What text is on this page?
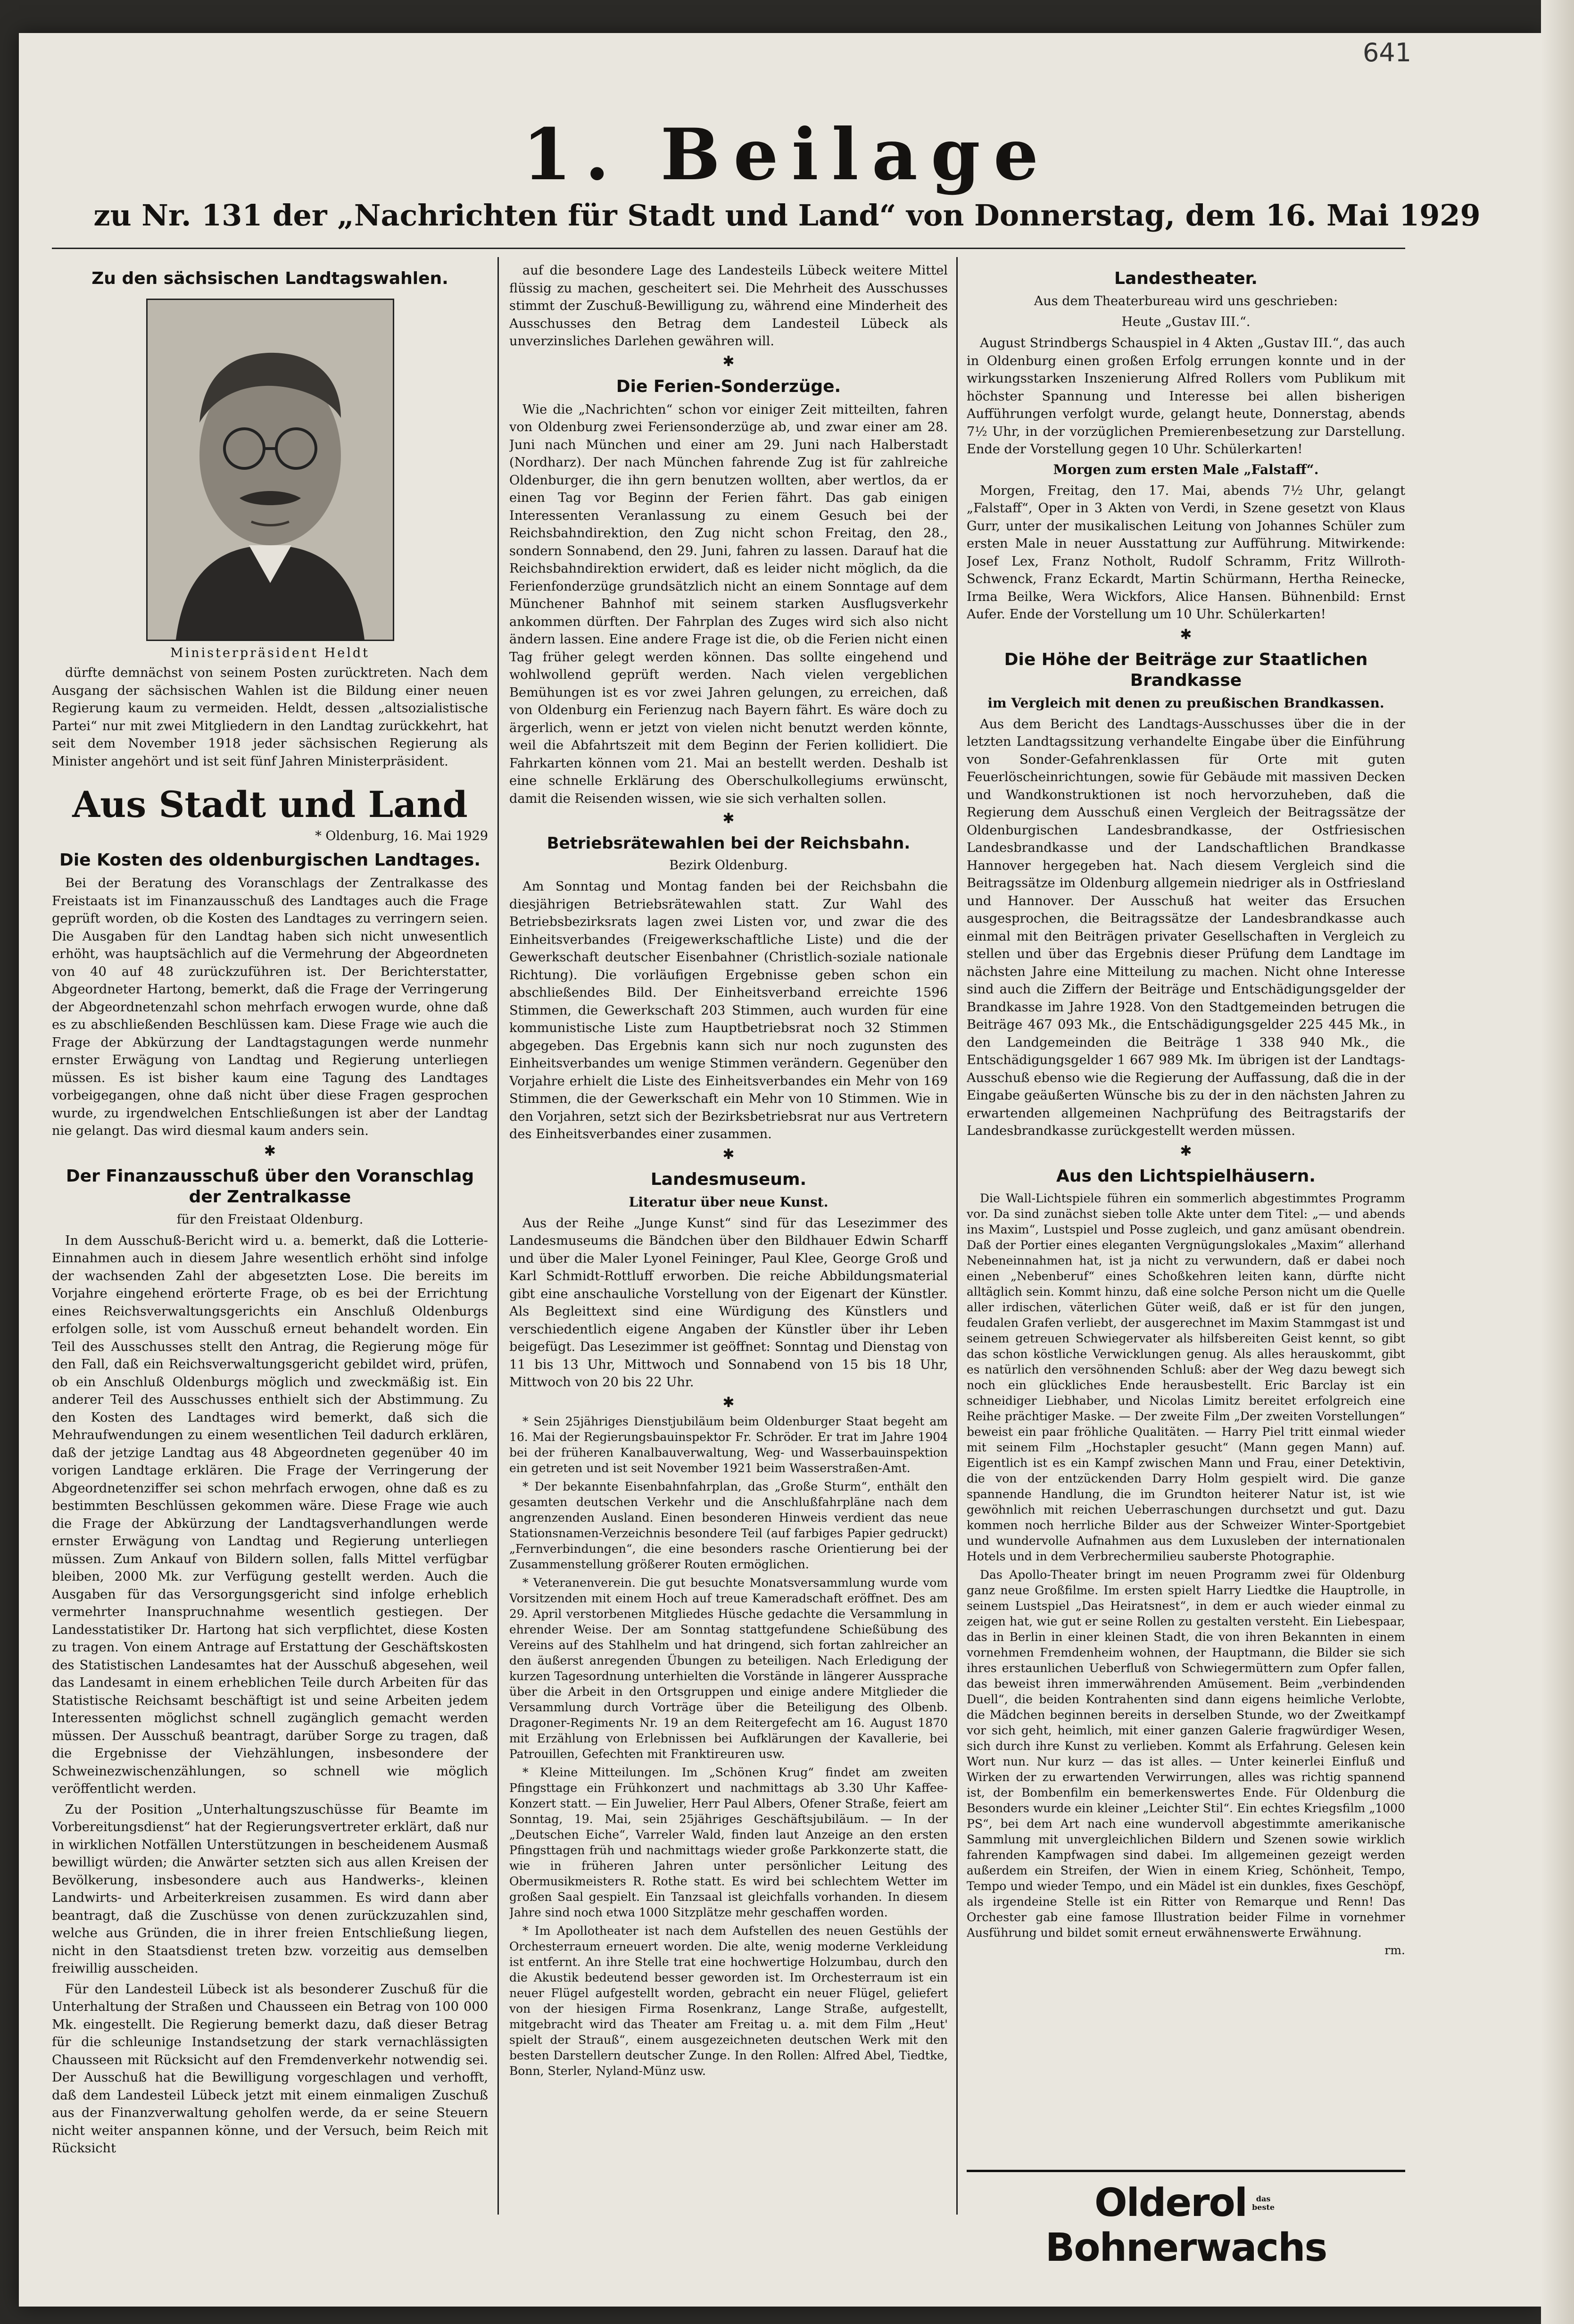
641
1. Beilage
zu Nr. 131 der „Nachrichten für Stadt und Land“ von Donnerstag, dem 16. Mai 1929
Zu den sächsischen Landtagswahlen.
Ministerpräsident Heldt

dürfte demnächst von seinem Posten zurücktreten. Nach dem Ausgang der sächsischen Wahlen ist die Bildung einer neuen Regierung kaum zu vermeiden. Heldt, dessen „altsozialistische Partei“ nur mit zwei Mitgliedern in den Landtag zurückkehrt, hat seit dem November 1918 jeder sächsischen Regierung als Minister angehört und ist seit fünf Jahren Ministerpräsident.

Aus Stadt und Land
* Oldenburg, 16. Mai 1929
Die Kosten des oldenburgischen Landtages.

Bei der Beratung des Voranschlags der Zentralkasse des Freistaats ist im Finanzausschuß des Landtages auch die Frage geprüft worden, ob die Kosten des Landtages zu verringern seien. Die Ausgaben für den Landtag haben sich nicht unwesentlich erhöht, was hauptsächlich auf die Vermehrung der Abgeordneten von 40 auf 48 zurückzuführen ist. Der Berichterstatter, Abgeordneter Hartong, bemerkt, daß die Frage der Verringerung der Abgeordnetenzahl schon mehrfach erwogen wurde, ohne daß es zu abschließenden Beschlüssen kam. Diese Frage wie auch die Frage der Abkürzung der Landtagstagungen werde nunmehr ernster Erwägung von Landtag und Regierung unterliegen müssen. Es ist bisher kaum eine Tagung des Landtages vorbeigegangen, ohne daß nicht über diese Fragen gesprochen wurde, zu irgendwelchen Entschließungen ist aber der Landtag nie gelangt. Das wird diesmal kaum anders sein.

✱
Der Finanzausschuß über den Voranschlag der Zentralkasse
für den Freistaat Oldenburg.

In dem Ausschuß-Bericht wird u. a. bemerkt, daß die Lotterie-Einnahmen auch in diesem Jahre wesentlich erhöht sind infolge der wachsenden Zahl der abgesetzten Lose. Die bereits im Vorjahre eingehend erörterte Frage, ob es bei der Errichtung eines Reichsverwaltungsgerichts ein Anschluß Oldenburgs erfolgen solle, ist vom Ausschuß erneut behandelt worden. Ein Teil des Ausschusses stellt den Antrag, die Regierung möge für den Fall, daß ein Reichsverwaltungsgericht gebildet wird, prüfen, ob ein Anschluß Oldenburgs möglich und zweckmäßig ist. Ein anderer Teil des Ausschusses enthielt sich der Abstimmung. Zu den Kosten des Landtages wird bemerkt, daß sich die Mehraufwendungen zu einem wesentlichen Teil dadurch erklären, daß der jetzige Landtag aus 48 Abgeordneten gegenüber 40 im vorigen Landtage erklären. Die Frage der Verringerung der Abgeordnetenziffer sei schon mehrfach erwogen, ohne daß es zu bestimmten Beschlüssen gekommen wäre. Diese Frage wie auch die Frage der Abkürzung der Landtagsverhandlungen werde ernster Erwägung von Landtag und Regierung unterliegen müssen. Zum Ankauf von Bildern sollen, falls Mittel verfügbar bleiben, 2000 Mk. zur Verfügung gestellt werden. Auch die Ausgaben für das Versorgungsgericht sind infolge erheblich vermehrter Inanspruchnahme wesentlich gestiegen. Der Landesstatistiker Dr. Hartong hat sich verpflichtet, diese Kosten zu tragen. Von einem Antrage auf Erstattung der Geschäftskosten des Statistischen Landesamtes hat der Ausschuß abgesehen, weil das Landesamt in einem erheblichen Teile durch Arbeiten für das Statistische Reichsamt beschäftigt ist und seine Arbeiten jedem Interessenten möglichst schnell zugänglich gemacht werden müssen. Der Ausschuß beantragt, darüber Sorge zu tragen, daß die Ergebnisse der Viehzählungen, insbesondere der Schweinezwischenzählungen, so schnell wie möglich veröffentlicht werden.

Zu der Position „Unterhaltungszuschüsse für Beamte im Vorbereitungsdienst“ hat der Regierungsvertreter erklärt, daß nur in wirklichen Notfällen Unterstützungen in bescheidenem Ausmaß bewilligt würden; die Anwärter setzten sich aus allen Kreisen der Bevölkerung, insbesondere auch aus Handwerks-, kleinen Landwirts- und Arbeiterkreisen zusammen. Es wird dann aber beantragt, daß die Zuschüsse von denen zurückzuzahlen sind, welche aus Gründen, die in ihrer freien Entschließung liegen, nicht in den Staatsdienst treten bzw. vorzeitig aus demselben freiwillig ausscheiden.

Für den Landesteil Lübeck ist als besonderer Zuschuß für die Unterhaltung der Straßen und Chausseen ein Betrag von 100 000 Mk. eingestellt. Die Regierung bemerkt dazu, daß dieser Betrag für die schleunige Instandsetzung der stark vernachlässigten Chausseen mit Rücksicht auf den Fremdenverkehr notwendig sei. Der Ausschuß hat die Bewilligung vorgeschlagen und verhofft, daß dem Landesteil Lübeck jetzt mit einem einmaligen Zuschuß aus der Finanzverwaltung geholfen werde, da er seine Steuern nicht weiter anspannen könne, und der Versuch, beim Reich mit Rücksicht

auf die besondere Lage des Landesteils Lübeck weitere Mittel flüssig zu machen, gescheitert sei. Die Mehrheit des Ausschusses stimmt der Zuschuß-Bewilligung zu, während eine Minderheit des Ausschusses den Betrag dem Landesteil Lübeck als unverzinsliches Darlehen gewähren will.

✱
Die Ferien-Sonderzüge.

Wie die „Nachrichten“ schon vor einiger Zeit mitteilten, fahren von Oldenburg zwei Feriensonderzüge ab, und zwar einer am 28. Juni nach München und einer am 29. Juni nach Halberstadt (Nordharz). Der nach München fahrende Zug ist für zahlreiche Oldenburger, die ihn gern benutzen wollten, aber wertlos, da er einen Tag vor Beginn der Ferien fährt. Das gab einigen Interessenten Veranlassung zu einem Gesuch bei der Reichsbahndirektion, den Zug nicht schon Freitag, den 28., sondern Sonnabend, den 29. Juni, fahren zu lassen. Darauf hat die Reichsbahndirektion erwidert, daß es leider nicht möglich, da die Ferienfonderzüge grundsätzlich nicht an einem Sonntage auf dem Münchener Bahnhof mit seinem starken Ausflugsverkehr ankommen dürften. Der Fahrplan des Zuges wird sich also nicht ändern lassen. Eine andere Frage ist die, ob die Ferien nicht einen Tag früher gelegt werden können. Das sollte eingehend und wohlwollend geprüft werden. Nach vielen vergeblichen Bemühungen ist es vor zwei Jahren gelungen, zu erreichen, daß von Oldenburg ein Ferienzug nach Bayern fährt. Es wäre doch zu ärgerlich, wenn er jetzt von vielen nicht benutzt werden könnte, weil die Abfahrtszeit mit dem Beginn der Ferien kollidiert. Die Fahrkarten können vom 21. Mai an bestellt werden. Deshalb ist eine schnelle Erklärung des Oberschulkollegiums erwünscht, damit die Reisenden wissen, wie sie sich verhalten sollen.

✱
Betriebsrätewahlen bei der Reichsbahn.
Bezirk Oldenburg.

Am Sonntag und Montag fanden bei der Reichsbahn die diesjährigen Betriebsrätewahlen statt. Zur Wahl des Betriebsbezirksrats lagen zwei Listen vor, und zwar die des Einheitsverbandes (Freigewerkschaftliche Liste) und die der Gewerkschaft deutscher Eisenbahner (Christlich-soziale nationale Richtung). Die vorläufigen Ergebnisse geben schon ein abschließendes Bild. Der Einheitsverband erreichte 1596 Stimmen, die Gewerkschaft 203 Stimmen, auch wurden für eine kommunistische Liste zum Hauptbetriebsrat noch 32 Stimmen abgegeben. Das Ergebnis kann sich nur noch zugunsten des Einheitsverbandes um wenige Stimmen verändern. Gegenüber den Vorjahre erhielt die Liste des Einheitsverbandes ein Mehr von 169 Stimmen, die der Gewerkschaft ein Mehr von 10 Stimmen. Wie in den Vorjahren, setzt sich der Bezirksbetriebsrat nur aus Vertretern des Einheitsverbandes einer zusammen.

✱
Landesmuseum.
Literatur über neue Kunst.

Aus der Reihe „Junge Kunst“ sind für das Lesezimmer des Landesmuseums die Bändchen über den Bildhauer Edwin Scharff und über die Maler Lyonel Feininger, Paul Klee, George Groß und Karl Schmidt-Rottluff erworben. Die reiche Abbildungsmaterial gibt eine anschauliche Vorstellung von der Eigenart der Künstler. Als Begleittext sind eine Würdigung des Künstlers und verschiedentlich eigene Angaben der Künstler über ihr Leben beigefügt. Das Lesezimmer ist geöffnet: Sonntag und Dienstag von 11 bis 13 Uhr, Mittwoch und Sonnabend von 15 bis 18 Uhr, Mittwoch von 20 bis 22 Uhr.

✱

* Sein 25jähriges Dienstjubiläum beim Oldenburger Staat begeht am 16. Mai der Regierungsbauinspektor Fr. Schröder. Er trat im Jahre 1904 bei der früheren Kanalbauverwaltung, Weg- und Wasserbauinspektion ein getreten und ist seit November 1921 beim Wasserstraßen-Amt.

* Der bekannte Eisenbahnfahrplan, das „Große Sturm“, enthält den gesamten deutschen Verkehr und die Anschlußfahrpläne nach dem angrenzenden Ausland. Einen besonderen Hinweis verdient das neue Stationsnamen-Verzeichnis besondere Teil (auf farbiges Papier gedruckt) „Fernverbindungen“, die eine besonders rasche Orientierung bei der Zusammenstellung größerer Routen ermöglichen.

* Veteranenverein. Die gut besuchte Monatsversammlung wurde vom Vorsitzenden mit einem Hoch auf treue Kameradschaft eröffnet. Des am 29. April verstorbenen Mitgliedes Hüsche gedachte die Versammlung in ehrender Weise. Der am Sonntag stattgefundene Schießübung des Vereins auf des Stahlhelm und hat dringend, sich fortan zahlreicher an den äußerst anregenden Übungen zu beteiligen. Nach Erledigung der kurzen Tagesordnung unterhielten die Vorstände in längerer Aussprache über die Arbeit in den Ortsgruppen und einige andere Mitglieder die Versammlung durch Vorträge über die Beteiligung des Olbenb. Dragoner-Regiments Nr. 19 an dem Reitergefecht am 16. August 1870 mit Erzählung von Erlebnissen bei Aufklärungen der Kavallerie, bei Patrouillen, Gefechten mit Franktireuren usw.

* Kleine Mitteilungen. Im „Schönen Krug“ findet am zweiten Pfingsttage ein Frühkonzert und nachmittags ab 3.30 Uhr Kaffee-Konzert statt. — Ein Juwelier, Herr Paul Albers, Ofener Straße, feiert am Sonntag, 19. Mai, sein 25jähriges Geschäftsjubiläum. — In der „Deutschen Eiche“, Varreler Wald, finden laut Anzeige an den ersten Pfingsttagen früh und nachmittags wieder große Parkkonzerte statt, die wie in früheren Jahren unter persönlicher Leitung des Obermusikmeisters R. Rothe statt. Es wird bei schlechtem Wetter im großen Saal gespielt. Ein Tanzsaal ist gleichfalls vorhanden. In diesem Jahre sind noch etwa 1000 Sitzplätze mehr geschaffen worden.

* Im Apollotheater ist nach dem Aufstellen des neuen Gestühls der Orchesterraum erneuert worden. Die alte, wenig moderne Verkleidung ist entfernt. An ihre Stelle trat eine hochwertige Holzumbau, durch den die Akustik bedeutend besser geworden ist. Im Orchesterraum ist ein neuer Flügel aufgestellt worden, gebracht ein neuer Flügel, geliefert von der hiesigen Firma Rosenkranz, Lange Straße, aufgestellt, mitgebracht wird das Theater am Freitag u. a. mit dem Film „Heut' spielt der Strauß“, einem ausgezeichneten deutschen Werk mit den besten Darstellern deutscher Zunge. In den Rollen: Alfred Abel, Tiedtke, Bonn, Sterler, Nyland-Münz usw.

Landestheater.
Aus dem Theaterbureau wird uns geschrieben:
Heute „Gustav III.“.

August Strindbergs Schauspiel in 4 Akten „Gustav III.“, das auch in Oldenburg einen großen Erfolg errungen konnte und in der wirkungsstarken Inszenierung Alfred Rollers vom Publikum mit höchster Spannung und Interesse bei allen bisherigen Aufführungen verfolgt wurde, gelangt heute, Donnerstag, abends 7½ Uhr, in der vorzüglichen Premierenbesetzung zur Darstellung. Ende der Vorstellung gegen 10 Uhr. Schülerkarten!

Morgen zum ersten Male „Falstaff“.

Morgen, Freitag, den 17. Mai, abends 7½ Uhr, gelangt „Falstaff“, Oper in 3 Akten von Verdi, in Szene gesetzt von Klaus Gurr, unter der musikalischen Leitung von Johannes Schüler zum ersten Male in neuer Ausstattung zur Aufführung. Mitwirkende: Josef Lex, Franz Notholt, Rudolf Schramm, Fritz Willroth-Schwenck, Franz Eckardt, Martin Schürmann, Hertha Reinecke, Irma Beilke, Wera Wickfors, Alice Hansen. Bühnenbild: Ernst Aufer. Ende der Vorstellung um 10 Uhr. Schülerkarten!

✱
Die Höhe der Beiträge zur Staatlichen Brandkasse
im Vergleich mit denen zu preußischen Brandkassen.

Aus dem Bericht des Landtags-Ausschusses über die in der letzten Landtagssitzung verhandelte Eingabe über die Einführung von Sonder-Gefahrenklassen für Orte mit guten Feuerlöscheinrichtungen, sowie für Gebäude mit massiven Decken und Wandkonstruktionen ist noch hervorzuheben, daß die Regierung dem Ausschuß einen Vergleich der Beitragssätze der Oldenburgischen Landesbrandkasse, der Ostfriesischen Landesbrandkasse und der Landschaftlichen Brandkasse Hannover hergegeben hat. Nach diesem Vergleich sind die Beitragssätze im Oldenburg allgemein niedriger als in Ostfriesland und Hannover. Der Ausschuß hat weiter das Ersuchen ausgesprochen, die Beitragssätze der Landesbrandkasse auch einmal mit den Beiträgen privater Gesellschaften in Vergleich zu stellen und über das Ergebnis dieser Prüfung dem Landtage im nächsten Jahre eine Mitteilung zu machen. Nicht ohne Interesse sind auch die Ziffern der Beiträge und Entschädigungsgelder der Brandkasse im Jahre 1928. Von den Stadtgemeinden betrugen die Beiträge 467 093 Mk., die Entschädigungsgelder 225 445 Mk., in den Landgemeinden die Beiträge 1 338 940 Mk., die Entschädigungsgelder 1 667 989 Mk. Im übrigen ist der Landtags-Ausschuß ebenso wie die Regierung der Auffassung, daß die in der Eingabe geäußerten Wünsche bis zu der in den nächsten Jahren zu erwartenden allgemeinen Nachprüfung des Beitragstarifs der Landesbrandkasse zurückgestellt werden müssen.

✱
Aus den Lichtspielhäusern.

Die Wall-Lichtspiele führen ein sommerlich abgestimmtes Programm vor. Da sind zunächst sieben tolle Akte unter dem Titel: „— und abends ins Maxim“, Lustspiel und Posse zugleich, und ganz amüsant obendrein. Daß der Portier eines eleganten Vergnügungslokales „Maxim“ allerhand Nebeneinnahmen hat, ist ja nicht zu verwundern, daß er dabei noch einen „Nebenberuf“ eines Schoßkehren leiten kann, dürfte nicht alltäglich sein. Kommt hinzu, daß eine solche Person nicht um die Quelle aller irdischen, väterlichen Güter weiß, daß er ist für den jungen, feudalen Grafen verliebt, der ausgerechnet im Maxim Stammgast ist und seinem getreuen Schwiegervater als hilfsbereiten Geist kennt, so gibt das schon köstliche Verwicklungen genug. Als alles herauskommt, gibt es natürlich den versöhnenden Schluß: aber der Weg dazu bewegt sich noch ein glückliches Ende herausbestellt. Eric Barclay ist ein schneidiger Liebhaber, und Nicolas Limitz bereitet erfolgreich eine Reihe prächtiger Maske. — Der zweite Film „Der zweiten Vorstellungen“ beweist ein paar fröhliche Qualitäten. — Harry Piel tritt einmal wieder mit seinem Film „Hochstapler gesucht“ (Mann gegen Mann) auf. Eigentlich ist es ein Kampf zwischen Mann und Frau, einer Detektivin, die von der entzückenden Darry Holm gespielt wird. Die ganze spannende Handlung, die im Grundton heiterer Natur ist, ist wie gewöhnlich mit reichen Ueberraschungen durchsetzt und gut. Dazu kommen noch herrliche Bilder aus der Schweizer Winter-Sportgebiet und wundervolle Aufnahmen aus dem Luxusleben der internationalen Hotels und in dem Verbrechermilieu sauberste Photographie.

Das Apollo-Theater bringt im neuen Programm zwei für Oldenburg ganz neue Großfilme. Im ersten spielt Harry Liedtke die Hauptrolle, in seinem Lustspiel „Das Heiratsnest“, in dem er auch wieder einmal zu zeigen hat, wie gut er seine Rollen zu gestalten versteht. Ein Liebespaar, das in Berlin in einer kleinen Stadt, die von ihren Bekannten in einem vornehmen Fremdenheim wohnen, der Hauptmann, die Bilder sie sich ihres erstaunlichen Ueberfluß von Schwiegermüttern zum Opfer fallen, das beweist ihren immerwährenden Amüsement. Beim „verbindenden Duell“, die beiden Kontrahenten sind dann eigens heimliche Verlobte, die Mädchen beginnen bereits in derselben Stunde, wo der Zweitkampf vor sich geht, heimlich, mit einer ganzen Galerie fragwürdiger Wesen, sich durch ihre Kunst zu verlieben. Kommt als Erfahrung. Gelesen kein Wort nun. Nur kurz — das ist alles. — Unter keinerlei Einfluß und Wirken der zu erwartenden Verwirrungen, alles was richtig spannend ist, der Bombenfilm ein bemerkenswertes Ende. Für Oldenburg die Besonders wurde ein kleiner „Leichter Stil“. Ein echtes Kriegsfilm „1000 PS“, bei dem Art nach eine wundervoll abgestimmte amerikanische Sammlung mit unvergleichlichen Bildern und Szenen sowie wirklich fahrenden Kampfwagen sind dabei. Im allgemeinen gezeigt werden außerdem ein Streifen, der Wien in einem Krieg, Schönheit, Tempo, Tempo und wieder Tempo, und ein Mädel ist ein dunkles, fixes Geschöpf, als irgendeine Stelle ist ein Ritter von Remarque und Renn! Das Orchester gab eine famose Illustration beider Filme in vornehmer Ausführung und bildet somit erneut erwähnenswerte Erwähnung.

rm.
Olderol das
beste Bohnerwachs
